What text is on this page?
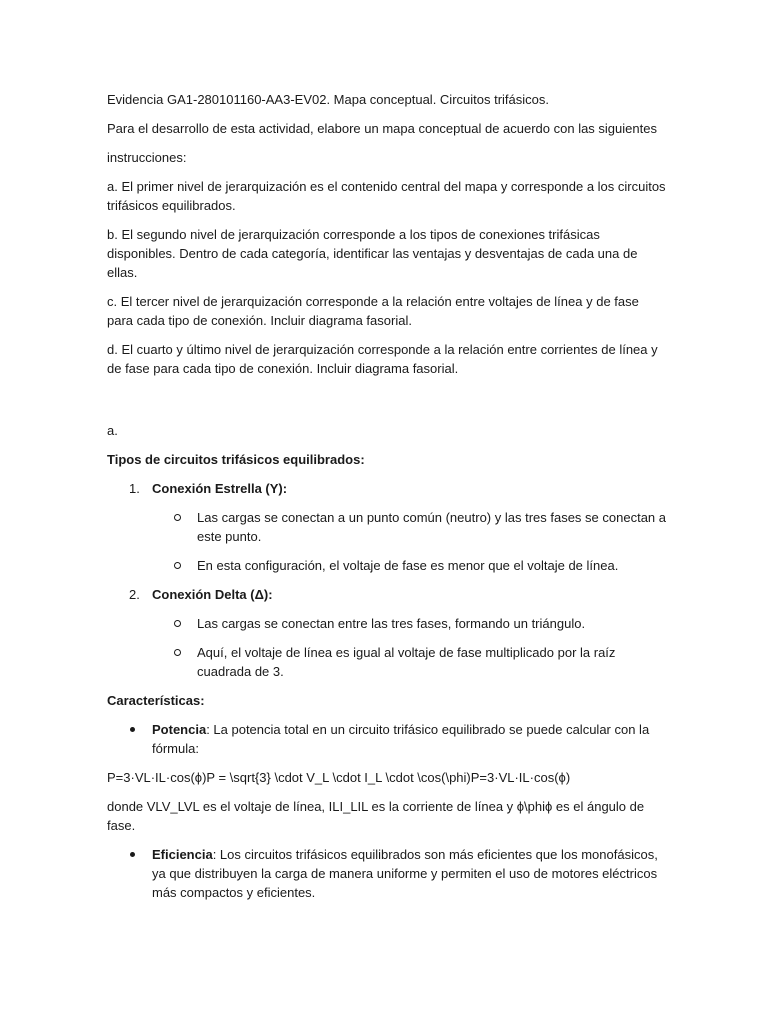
Evidencia GA1-280101160-AA3-EV02. Mapa conceptual. Circuitos trifásicos.

Para el desarrollo de esta actividad, elabore un mapa conceptual de acuerdo con las siguientes

instrucciones:

a. El primer nivel de jerarquización es el contenido central del mapa y corresponde a los circuitos trifásicos equilibrados.

b. El segundo nivel de jerarquización corresponde a los tipos de conexiones trifásicas disponibles. Dentro de cada categoría, identificar las ventajas y desventajas de cada una de ellas.

c. El tercer nivel de jerarquización corresponde a la relación entre voltajes de línea y de fase para cada tipo de conexión. Incluir diagrama fasorial.

d. El cuarto y último nivel de jerarquización corresponde a la relación entre corrientes de línea y de fase para cada tipo de conexión. Incluir diagrama fasorial.

a.

Tipos de circuitos trifásicos equilibrados:

1. Conexión Estrella (Y):
Las cargas se conectan a un punto común (neutro) y las tres fases se conectan a este punto.
En esta configuración, el voltaje de fase es menor que el voltaje de línea.
2. Conexión Delta (Δ):
Las cargas se conectan entre las tres fases, formando un triángulo.
Aquí, el voltaje de línea es igual al voltaje de fase multiplicado por la raíz cuadrada de 3.

Características:

Potencia: La potencia total en un circuito trifásico equilibrado se puede calcular con la fórmula:

P=3·VL·IL·cos⁡(ϕ)P = \sqrt{3} \cdot V_L \cdot I_L \cdot \cos(\phi)P=3·VL·IL·cos(ϕ)

donde VLV_LVL es el voltaje de línea, ILI_LIL es la corriente de línea y ϕ\phiϕ es el ángulo de fase.

Eficiencia: Los circuitos trifásicos equilibrados son más eficientes que los monofásicos, ya que distribuyen la carga de manera uniforme y permiten el uso de motores eléctricos más compactos y eficientes.
